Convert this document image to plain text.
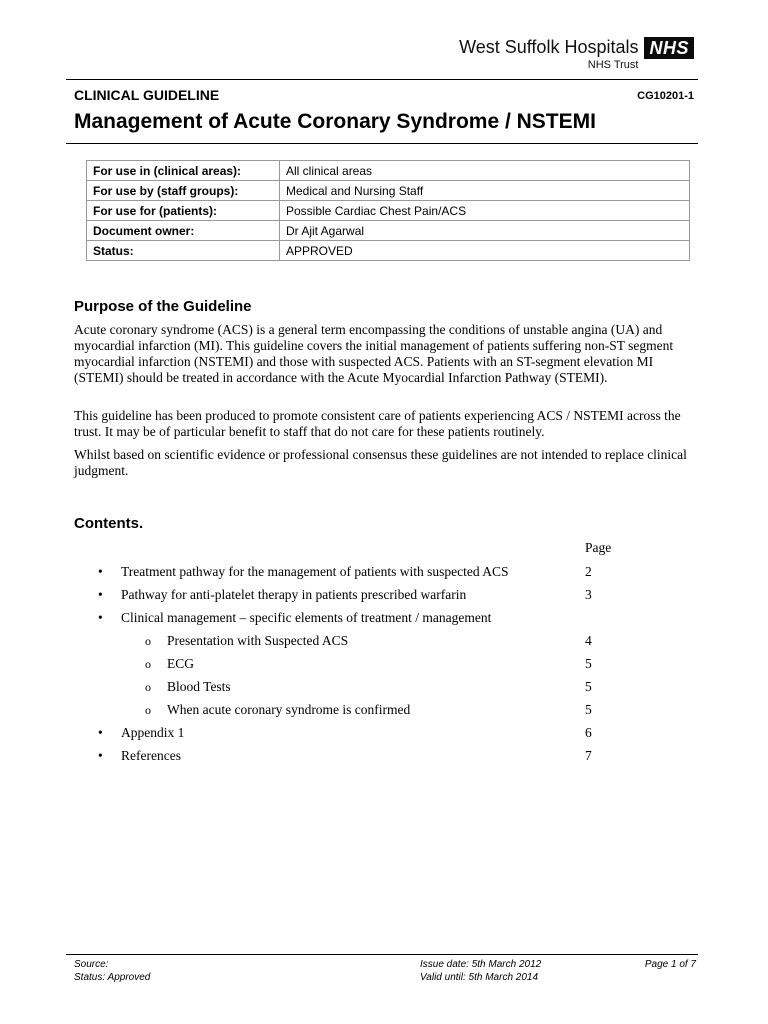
West Suffolk Hospitals
NHS Trust
NHS
CLINICAL GUIDELINE	CG10201-1
Management of Acute Coronary Syndrome / NSTEMI
For use in (clinical areas):	All clinical areas
For use by (staff groups):	Medical and Nursing Staff
For use for (patients):	Possible Cardiac Chest Pain/ACS
Document owner:	Dr Ajit Agarwal
Status:	APPROVED
Purpose of the Guideline

Acute coronary syndrome (ACS) is a general term encompassing the conditions of unstable angina (UA) and myocardial infarction (MI). This guideline covers the initial management of patients suffering non-ST segment myocardial infarction (NSTEMI) and those with suspected ACS. Patients with an ST-segment elevation MI (STEMI) should be treated in accordance with the Acute Myocardial Infarction Pathway (STEMI).

This guideline has been produced to promote consistent care of patients experiencing ACS / NSTEMI across the trust. It may be of particular benefit to staff that do not care for these patients routinely.

Whilst based on scientific evidence or professional consensus these guidelines are not intended to replace clinical judgment.

Contents.
Page
• Treatment pathway for the management of patients with suspected ACS	2
• Pathway for anti-platelet therapy in patients prescribed warfarin	3
• Clinical management – specific elements of treatment / management
o Presentation with Suspected ACS	4
o ECG	5
o Blood Tests	5
o When acute coronary syndrome is confirmed	5
• Appendix 1	6
• References	7
Source:
Status: Approved
Issue date: 5th March 2012
Valid until: 5th March 2014
Page 1 of 7
